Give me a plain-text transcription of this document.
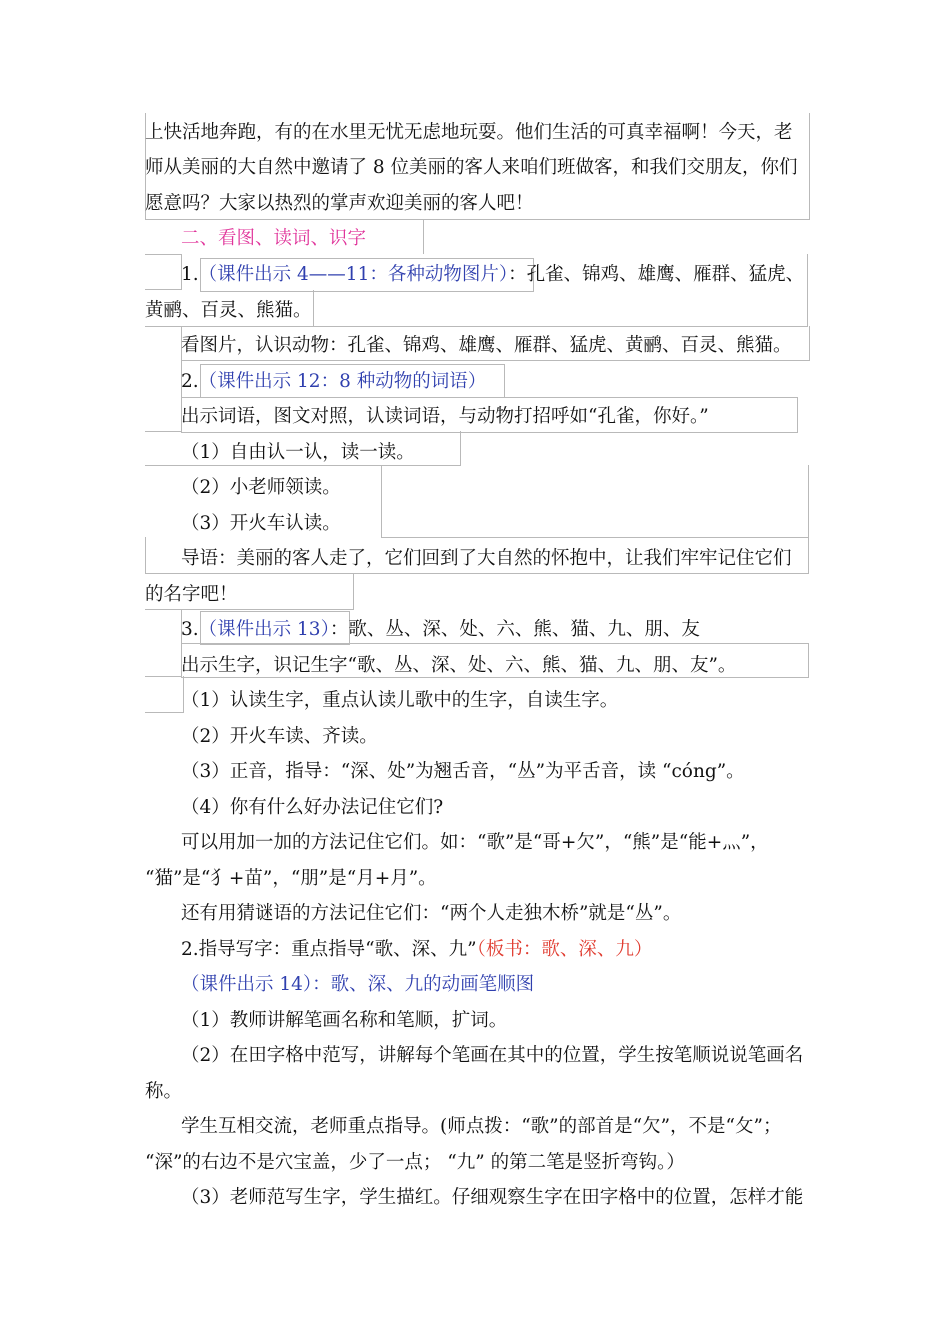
上快活地奔跑，有的在水里无忧无虑地玩耍。他们生活的可真幸福啊！今天，老
师从美丽的大自然中邀请了 8 位美丽的客人来咱们班做客，和我们交朋友，你们
愿意吗？大家以热烈的掌声欢迎美丽的客人吧！
二、看图、读词、识字
1.（课件出示 4——11：各种动物图片）：孔雀、锦鸡、雄鹰、雁群、猛虎、
黄鹂、百灵、熊猫。
看图片，认识动物：孔雀、锦鸡、雄鹰、雁群、猛虎、黄鹂、百灵、熊猫。
2.（课件出示 12：8 种动物的词语）
出示词语，图文对照，认读词语，与动物打招呼如“孔雀，你好。”
（1）自由认一认，读一读。
（2）小老师领读。
（3）开火车认读。
导语：美丽的客人走了，它们回到了大自然的怀抱中，让我们牢牢记住它们
的名字吧！
3.（课件出示 13）：歌、丛、深、处、六、熊、猫、九、朋、友
出示生字，识记生字“歌、丛、深、处、六、熊、猫、九、朋、友”。
（1）认读生字，重点认读儿歌中的生字，自读生字。
（2）开火车读、齐读。
（3）正音，指导：“深、处”为翘舌音，“丛”为平舌音，读 “cóng”。
（4）你有什么好办法记住它们?
可以用加一加的方法记住它们。如：“歌”是“哥+欠”，“熊”是“能+灬”，
“猫”是“犭+苗”，“朋”是“月+月”。
还有用猜谜语的方法记住它们：“两个人走独木桥”就是“丛”。
2.指导写字：重点指导“歌、深、九”（板书：歌、深、九）
（课件出示 14）：歌、深、九的动画笔顺图
（1）教师讲解笔画名称和笔顺，扩词。
（2）在田字格中范写，讲解每个笔画在其中的位置，学生按笔顺说说笔画名
称。
学生互相交流，老师重点指导。(师点拨：“歌”的部首是“欠”，不是“攵”；
“深”的右边不是穴宝盖，少了一点； “九” 的第二笔是竖折弯钩。）
（3）老师范写生字，学生描红。仔细观察生字在田字格中的位置，怎样才能
